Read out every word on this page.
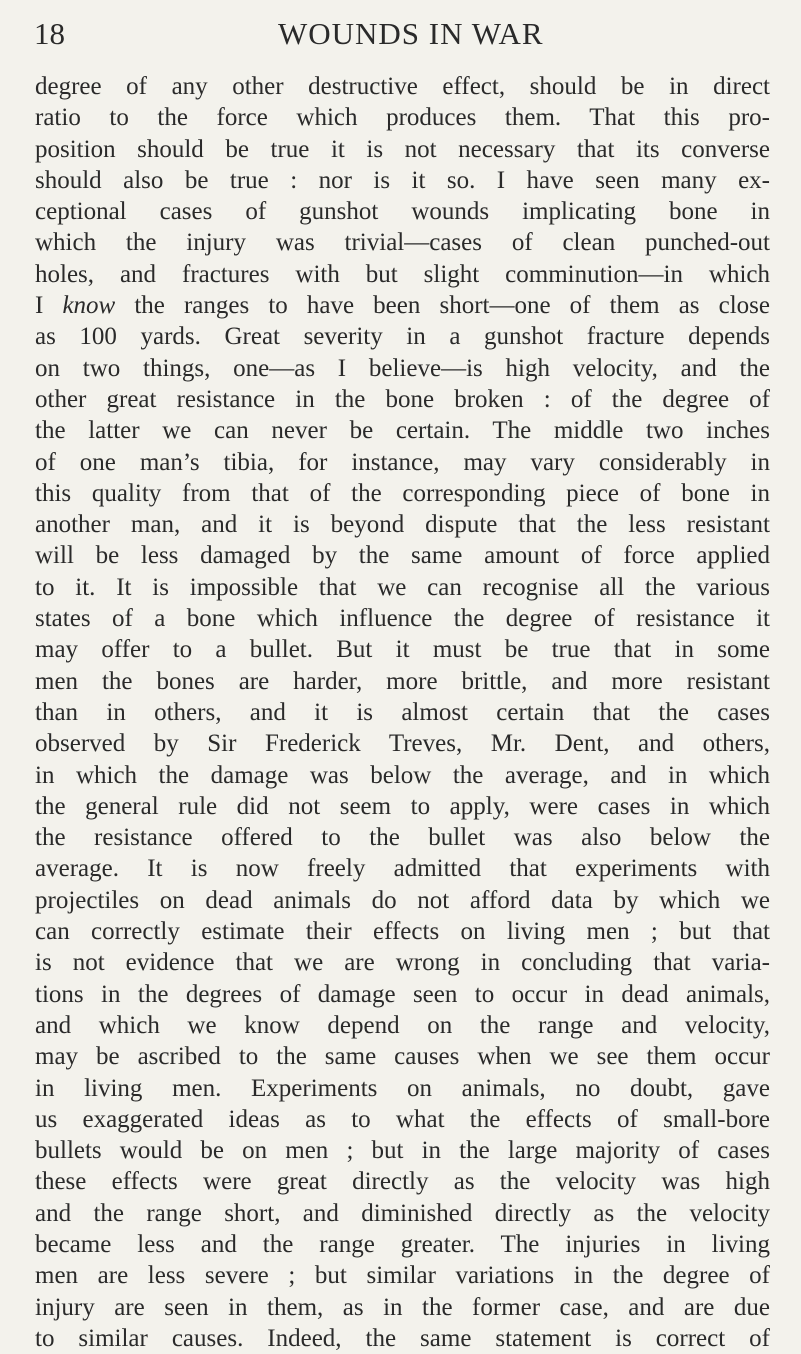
18	WOUNDS IN WAR
degree of any other destructive effect, should be in direct
ratio to the force which produces them. That this pro-
position should be true it is not necessary that its converse
should also be true : nor is it so. I have seen many ex-
ceptional cases of gunshot wounds implicating bone in
which the injury was trivial—cases of clean punched-out
holes, and fractures with but slight comminution—in which
I know the ranges to have been short—one of them as close
as 100 yards. Great severity in a gunshot fracture depends
on two things, one—as I believe—is high velocity, and the
other great resistance in the bone broken : of the degree of
the latter we can never be certain. The middle two inches
of one man’s tibia, for instance, may vary considerably in
this quality from that of the corresponding piece of bone in
another man, and it is beyond dispute that the less resistant
will be less damaged by the same amount of force applied
to it. It is impossible that we can recognise all the various
states of a bone which influence the degree of resistance it
may offer to a bullet. But it must be true that in some
men the bones are harder, more brittle, and more resistant
than in others, and it is almost certain that the cases
observed by Sir Frederick Treves, Mr. Dent, and others,
in which the damage was below the average, and in which
the general rule did not seem to apply, were cases in which
the resistance offered to the bullet was also below the
average. It is now freely admitted that experiments with
projectiles on dead animals do not afford data by which we
can correctly estimate their effects on living men ; but that
is not evidence that we are wrong in concluding that varia-
tions in the degrees of damage seen to occur in dead animals,
and which we know depend on the range and velocity,
may be ascribed to the same causes when we see them occur
in living men. Experiments on animals, no doubt, gave
us exaggerated ideas as to what the effects of small-bore
bullets would be on men ; but in the large majority of cases
these effects were great directly as the velocity was high
and the range short, and diminished directly as the velocity
became less and the range greater. The injuries in living
men are less severe ; but similar variations in the degree of
injury are seen in them, as in the former case, and are due
to similar causes. Indeed, the same statement is correct of
